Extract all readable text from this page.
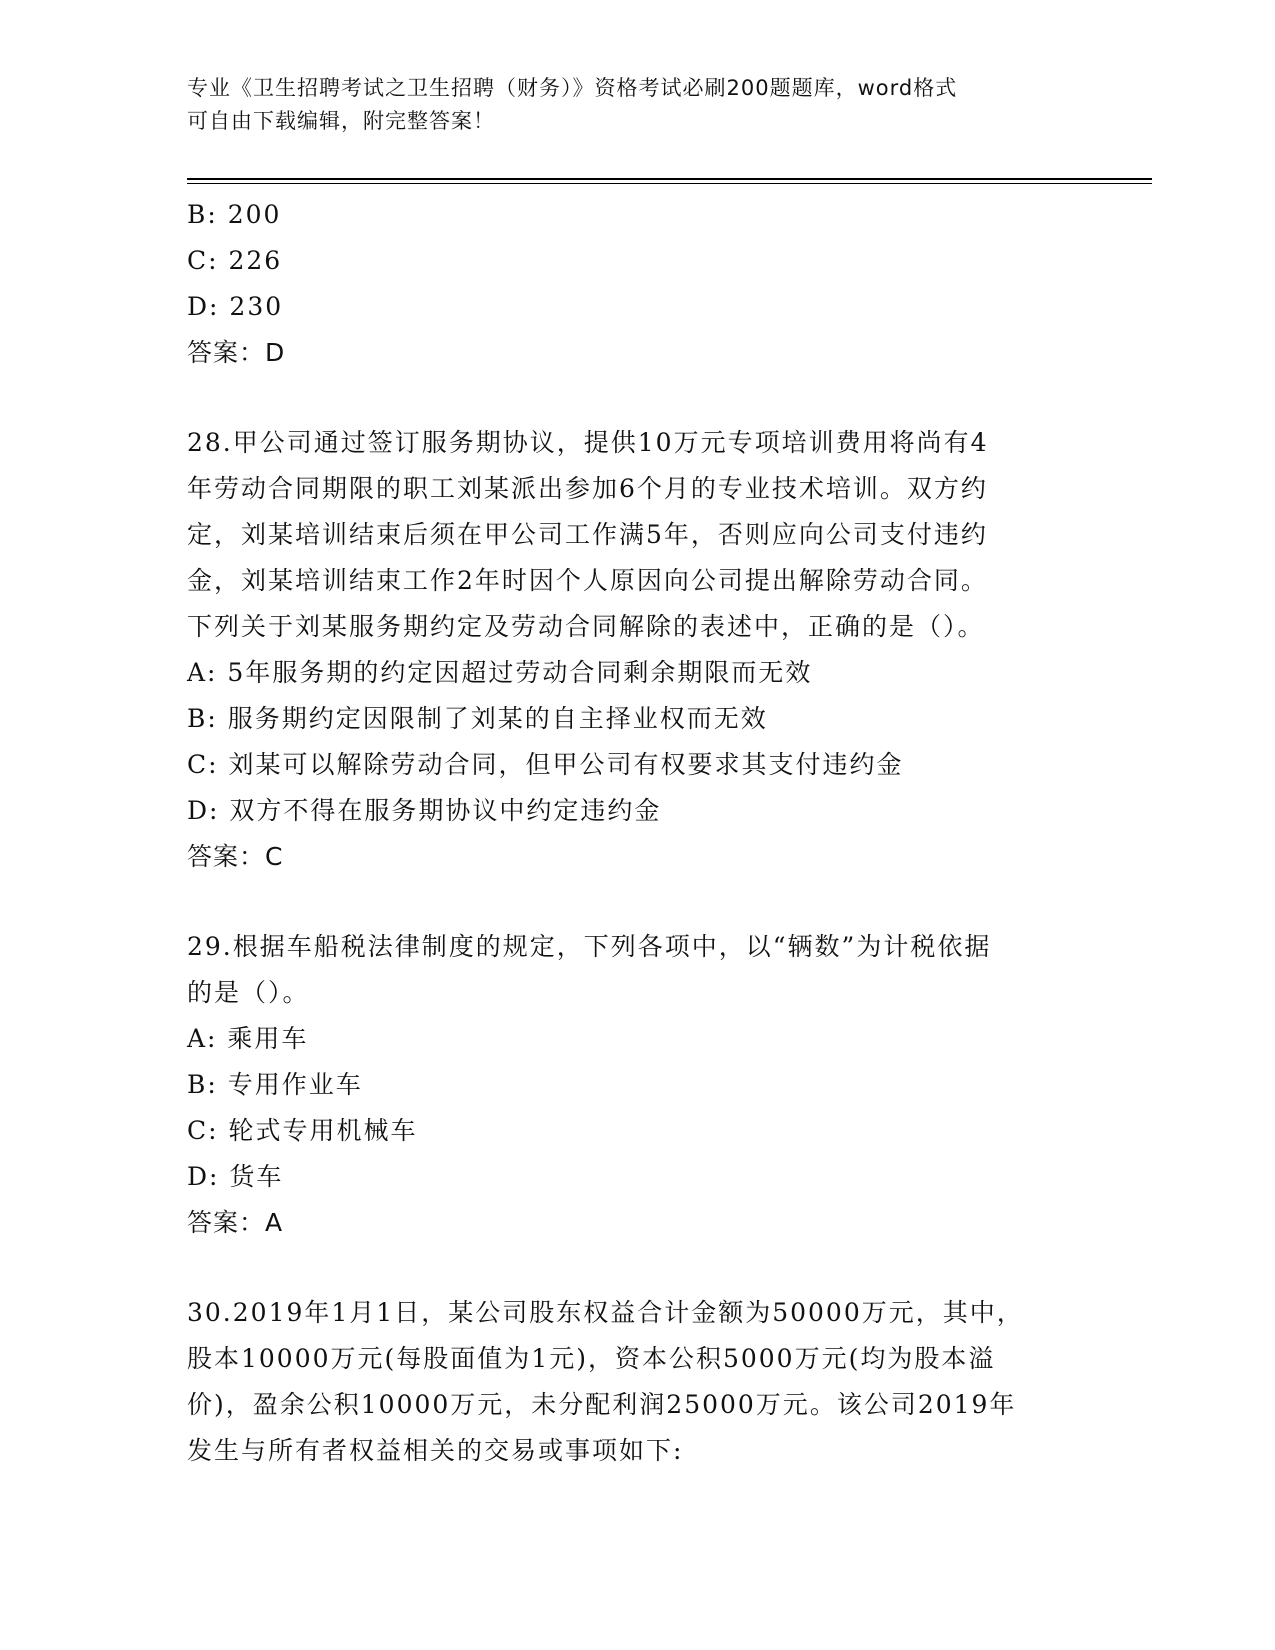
专业《卫生招聘考试之卫生招聘（财务）》资格考试必刷200题题库，word格式
可自由下载编辑，附完整答案！
B: 200
C: 226
D: 230
答案：D
28.甲公司通过签订服务期协议，提供10万元专项培训费用将尚有4
年劳动合同期限的职工刘某派出参加6个月的专业技术培训。双方约
定，刘某培训结束后须在甲公司工作满5年，否则应向公司支付违约
金，刘某培训结束工作2年时因个人原因向公司提出解除劳动合同。
下列关于刘某服务期约定及劳动合同解除的表述中，正确的是（）。
A: 5年服务期的约定因超过劳动合同剩余期限而无效
B: 服务期约定因限制了刘某的自主择业权而无效
C: 刘某可以解除劳动合同，但甲公司有权要求其支付违约金
D: 双方不得在服务期协议中约定违约金
答案：C
29.根据车船税法律制度的规定，下列各项中，以“辆数”为计税依据
的是（）。
A: 乘用车
B: 专用作业车
C: 轮式专用机械车
D: 货车
答案：A
30.2019年1月1日，某公司股东权益合计金额为50000万元，其中，
股本10000万元(每股面值为1元)，资本公积5000万元(均为股本溢
价)，盈余公积10000万元，未分配利润25000万元。该公司2019年
发生与所有者权益相关的交易或事项如下:
